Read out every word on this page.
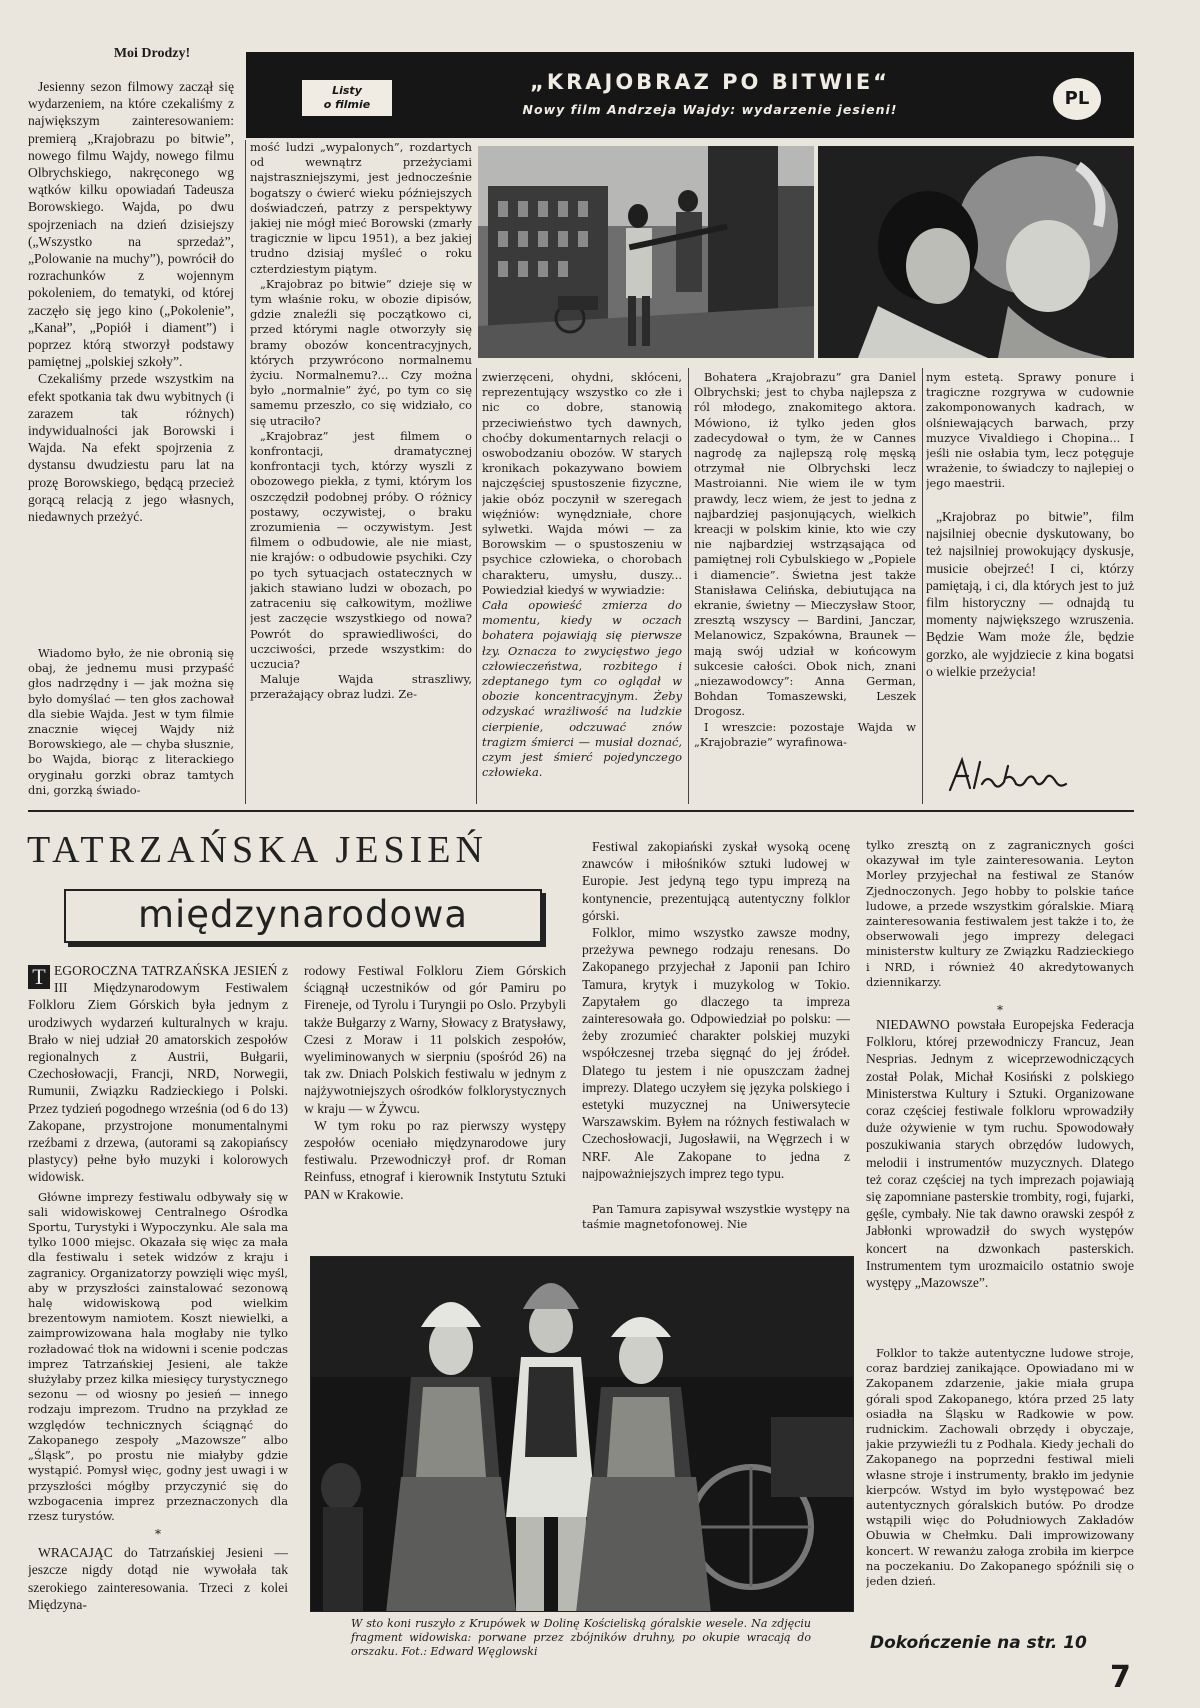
Moi Drodzy!

Jesienny sezon filmowy zaczął się wydarzeniem, na które czekaliśmy z największym zainteresowaniem: premierą „Krajobrazu po bitwie”, nowego filmu Wajdy, nowego filmu Olbrychskiego, nakręconego wg wątków kilku opowiadań Tadeusza Borowskiego. Wajda, po dwu spojrzeniach na dzień dzisiejszy („Wszystko na sprzedaż”, „Polowanie na muchy”), powrócił do rozrachunków z wojennym pokoleniem, do tematyki, od której zaczęło się jego kino („Pokolenie”, „Kanał”, „Popiół i diament”) i poprzez którą stworzył podstawy pamiętnej „polskiej szkoły”.

Czekaliśmy przede wszystkim na efekt spotkania tak dwu wybitnych (i zarazem tak różnych) indywidualności jak Borowski i Wajda. Na efekt spojrzenia z dystansu dwudziestu paru lat na prozę Borowskiego, będącą przecież gorącą relacją z jego własnych, niedawnych przeżyć.

Wiadomo było, że nie obronią się obaj, że jednemu musi przypaść głos nadrzędny i — jak można się było domyślać — ten głos zachował dla siebie Wajda. Jest w tym filmie znacznie więcej Wajdy niż Borowskiego, ale — chyba słusznie, bo Wajda, biorąc z literackiego oryginału gorzki obraz tamtych dni, gorzką świado-

Listy
o filmie
„KRAJOBRAZ PO BITWIE“
Nowy film Andrzeja Wajdy: wydarzenie jesieni!
PL

mość ludzi „wypalonych”, rozdartych od wewnątrz przeżyciami najstraszniejszymi, jest jednocześnie bogatszy o ćwierć wieku późniejszych doświadczeń, patrzy z perspektywy jakiej nie mógł mieć Borowski (zmarły tragicznie w lipcu 1951), a bez jakiej trudno dzisiaj myśleć o roku czterdziestym piątym.

„Krajobraz po bitwie” dzieje się w tym właśnie roku, w obozie dipisów, gdzie znaleźli się początkowo ci, przed którymi nagle otworzyły się bramy obozów koncentracyjnych, których przywrócono normalnemu życiu. Normalnemu?... Czy można było „normalnie” żyć, po tym co się samemu przeszło, co się widziało, co się utraciło?

„Krajobraz” jest filmem o konfrontacji, dramatycznej konfrontacji tych, którzy wyszli z obozowego piekła, z tymi, którym los oszczędził podobnej próby. O różnicy postawy, oczywistej, o braku zrozumienia — oczywistym. Jest filmem o odbudowie, ale nie miast, nie krajów: o odbudowie psychiki. Czy po tych sytuacjach ostatecznych w jakich stawiano ludzi w obozach, po zatraceniu się całkowitym, możliwe jest zaczęcie wszystkiego od nowa? Powrót do sprawiedliwości, do uczciwości, przede wszystkim: do uczucia?

Maluje Wajda straszliwy, przerażający obraz ludzi. Ze-

zwierzęceni, ohydni, skłóceni, reprezentujący wszystko co złe i nic co dobre, stanowią przeciwieństwo tych dawnych, choćby dokumentarnych relacji o oswobodzaniu obozów. W starych kronikach pokazywano bowiem najczęściej spustoszenie fizyczne, jakie obóz poczynił w szeregach więźniów: wynędzniałe, chore sylwetki. Wajda mówi — za Borowskim — o spustoszeniu w psychice człowieka, o chorobach charakteru, umysłu, duszy... Powiedział kiedyś w wywiadzie:

Cała opowieść zmierza do momentu, kiedy w oczach bohatera pojawiają się pierwsze łzy. Oznacza to zwycięstwo jego człowieczeństwa, rozbitego i zdeptanego tym co oglądał w obozie koncentracyjnym. Żeby odzyskać wrażliwość na ludzkie cierpienie, odczuwać znów tragizm śmierci — musiał doznać, czym jest śmierć pojedynczego człowieka.

Bohatera „Krajobrazu” gra Daniel Olbrychski; jest to chyba najlepsza z ról młodego, znakomitego aktora. Mówiono, iż tylko jeden głos zadecydował o tym, że w Cannes nagrodę za najlepszą rolę męską otrzymał nie Olbrychski lecz Mastroianni. Nie wiem ile w tym prawdy, lecz wiem, że jest to jedna z najbardziej pasjonujących, wielkich kreacji w polskim kinie, kto wie czy nie najbardziej wstrząsająca od pamiętnej roli Cybulskiego w „Popiele i diamencie”. Świetna jest także Stanisława Celińska, debiutująca na ekranie, świetny — Mieczysław Stoor, zresztą wszyscy — Bardini, Janczar, Melanowicz, Szpakówna, Braunek — mają swój udział w końcowym sukcesie całości. Obok nich, znani „niezawodowcy”: Anna German, Bohdan Tomaszewski, Leszek Drogosz.

I wreszcie: pozostaje Wajda w „Krajobrazie” wyrafinowa-

nym estetą. Sprawy ponure i tragiczne rozgrywa w cudownie zakomponowanych kadrach, w olśniewających barwach, przy muzyce Vivaldiego i Chopina... I jeśli nie osłabia tym, lecz potęguje wrażenie, to świadczy to najlepiej o jego maestrii.

„Krajobraz po bitwie”, film najsilniej obecnie dyskutowany, bo też najsilniej prowokujący dyskusje, musicie obejrzeć! I ci, którzy pamiętają, i ci, dla których jest to już film historyczny — odnajdą tu momenty największego wzruszenia. Będzie Wam może źle, będzie gorzko, ale wyjdziecie z kina bogatsi o wielkie przeżycia!

TATRZAŃSKA JESIEŃ
międzynarodowa
T EGOROCZNA TATRZAŃSKA JESIEŃ z III Międzynarodowym Festiwalem Folkloru Ziem Górskich była jednym z urodziwych wydarzeń kulturalnych w kraju. Brało w niej udział 20 amatorskich zespołów regionalnych z Austrii, Bułgarii, Czechosłowacji, Francji, NRD, Norwegii, Rumunii, Związku Radzieckiego i Polski. Przez tydzień pogodnego września (od 6 do 13) Zakopane, przystrojone monumentalnymi rzeźbami z drzewa, (autorami są zakopiańscy plastycy) pełne było muzyki i kolorowych widowisk.

Główne imprezy festiwalu odbywały się w sali widowiskowej Centralnego Ośrodka Sportu, Turystyki i Wypoczynku. Ale sala ma tylko 1000 miejsc. Okazała się więc za mała dla festiwalu i setek widzów z kraju i zagranicy. Organizatorzy powzięli więc myśl, aby w przyszłości zainstalować sezonową halę widowiskową pod wielkim brezentowym namiotem. Koszt niewielki, a zaimprowizowana hala mogłaby nie tylko rozładować tłok na widowni i scenie podczas imprez Tatrzańskiej Jesieni, ale także służyłaby przez kilka miesięcy turystycznego sezonu — od wiosny po jesień — innego rodzaju imprezom. Trudno na przykład ze względów technicznych ściągnąć do Zakopanego zespoły „Mazowsze” albo „Śląsk”, po prostu nie miałyby gdzie wystąpić. Pomysł więc, godny jest uwagi i w przyszłości mógłby przyczynić się do wzbogacenia imprez przeznaczonych dla rzesz turystów.

*

WRACAJĄC do Tatrzańskiej Jesieni — jeszcze nigdy dotąd nie wywołała tak szerokiego zainteresowania. Trzeci z kolei Międzyna-

rodowy Festiwal Folkloru Ziem Górskich ściągnął uczestników od gór Pamiru po Fireneje, od Tyrolu i Turyngii po Oslo. Przybyli także Bułgarzy z Warny, Słowacy z Bratysławy, Czesi z Moraw i 11 polskich zespołów, wyeliminowanych w sierpniu (spośród 26) na tak zw. Dniach Polskich festiwalu w jednym z najżywotniejszych ośrodków folklorystycznych w kraju — w Żywcu.

W tym roku po raz pierwszy występy zespołów oceniało międzynarodowe jury festiwalu. Przewodniczył prof. dr Roman Reinfuss, etnograf i kierownik Instytutu Sztuki PAN w Krakowie.

Festiwal zakopiański zyskał wysoką ocenę znawców i miłośników sztuki ludowej w Europie. Jest jedyną tego typu imprezą na kontynencie, prezentującą autentyczny folklor górski.

Folklor, mimo wszystko zawsze modny, przeżywa pewnego rodzaju renesans. Do Zakopanego przyjechał z Japonii pan Ichiro Tamura, krytyk i muzykolog w Tokio. Zapytałem go dlaczego ta impreza zainteresowała go. Odpowiedział po polsku: — żeby zrozumieć charakter polskiej muzyki współczesnej trzeba sięgnąć do jej źródeł. Dlatego tu jestem i nie opuszczam żadnej imprezy. Dlatego uczyłem się języka polskiego i estetyki muzycznej na Uniwersytecie Warszawskim. Byłem na różnych festiwalach w Czechosłowacji, Jugosławii, na Węgrzech i w NRF. Ale Zakopane to jedna z najpoważniejszych imprez tego typu.

Pan Tamura zapisywał wszystkie występy na taśmie magnetofonowej. Nie

tylko zresztą on z zagranicznych gości okazywał im tyle zainteresowania. Leyton Morley przyjechał na festiwal ze Stanów Zjednoczonych. Jego hobby to polskie tańce ludowe, a przede wszystkim góralskie. Miarą zainteresowania festiwalem jest także i to, że obserwowali jego imprezy delegaci ministerstw kultury ze Związku Radzieckiego i NRD, i również 40 akredytowanych dziennikarzy.

*

NIEDAWNO powstała Europejska Federacja Folkloru, której przewodniczy Francuz, Jean Nesprias. Jednym z wiceprzewodniczących został Polak, Michał Kosiński z polskiego Ministerstwa Kultury i Sztuki. Organizowane coraz częściej festiwale folkloru wprowadziły duże ożywienie w tym ruchu. Spowodowały poszukiwania starych obrzędów ludowych, melodii i instrumentów muzycznych. Dlatego też coraz częściej na tych imprezach pojawiają się zapomniane pasterskie trombity, rogi, fujarki, gęśle, cymbały. Nie tak dawno orawski zespół z Jabłonki wprowadził do swych występów koncert na dzwonkach pasterskich. Instrumentem tym urozmaicilo ostatnio swoje występy „Mazowsze”.

Folklor to także autentyczne ludowe stroje, coraz bardziej zanikające. Opowiadano mi w Zakopanem zdarzenie, jakie miała grupa górali spod Zakopanego, która przed 25 laty osiadła na Śląsku w Radkowie w pow. rudnickim. Zachowali obrzędy i obyczaje, jakie przywieźli tu z Podhala. Kiedy jechali do Zakopanego na poprzedni festiwal mieli własne stroje i instrumenty, brakło im jedynie kierpców. Wstyd im było występować bez autentycznych góralskich butów. Po drodze wstąpili więc do Południowych Zakładów Obuwia w Chełmku. Dali improwizowany koncert. W rewanżu załoga zrobiła im kierpce na poczekaniu. Do Zakopanego spóźnili się o jeden dzień.

W sto koni ruszyło z Krupówek w Dolinę Kościeliską góralskie wesele. Na zdjęciu fragment widowiska: porwane przez zbójników druhny, po okupie wracają do orszaku. Fot.: Edward Węglowski	Dokończenie na str. 10
7
